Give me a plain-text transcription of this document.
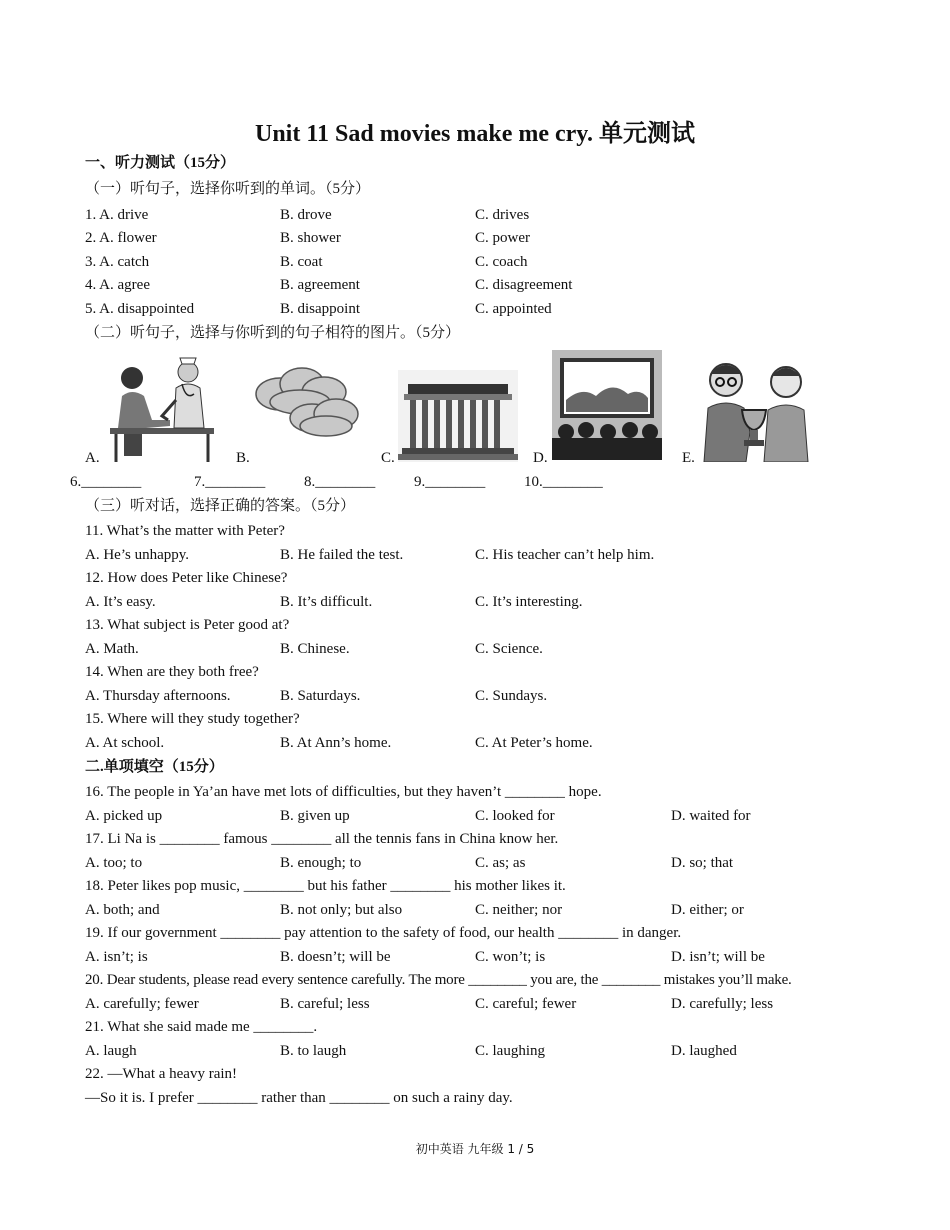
Unit 11 Sad movies make me cry. 单元测试
一、听力测试（15分）
（一）听句子，选择你听到的单词。（5分）
1. A. drive	B. drove	C. drives
2. A. flower	B. shower	C. power
3. A. catch	B. coat	C. coach
4. A. agree	B. agreement	C. disagreement
5. A. disappointed	B. disappoint	C. appointed
（二）听句子，选择与你听到的句子相符的图片。（5分）
A.	B.	C.	D.	E.
6.________	7.________	8.________	9.________	10.________
（三）听对话，选择正确的答案。（5分）
11. What’s the matter with Peter?
A. He’s unhappy.	B. He failed the test.	C. His teacher can’t help him.
12. How does Peter like Chinese?
A. It’s easy.	B. It’s difficult.	C. It’s interesting.
13. What subject is Peter good at?
A. Math.	B. Chinese.	C. Science.
14. When are they both free?
A. Thursday afternoons.	B. Saturdays.	C. Sundays.
15. Where will they study together?
A. At school.	B. At Ann’s home.	C. At Peter’s home.
二.单项填空（15分）
16. The people in Ya’an have met lots of difficulties, but they haven’t ________ hope.
A. picked up	B. given up	C. looked for	D. waited for
17. Li Na is ________ famous ________ all the tennis fans in China know her.
A. too; to	B. enough; to	C. as; as	D. so; that
18. Peter likes pop music, ________ but his father ________ his mother likes it.
A. both; and	B. not only; but also	C. neither; nor	D. either; or
19. If our government ________ pay attention to the safety of food, our health ________ in danger.
A. isn’t; is	B. doesn’t; will be	C. won’t; is	D. isn’t; will be
20. Dear students, please read every sentence carefully. The more ________ you are, the ________ mistakes you’ll make.
A. carefully; fewer	B. careful; less	C. careful; fewer	D. carefully; less
21. What she said made me ________.
A. laugh	B. to laugh	C. laughing	D. laughed
22. —What a heavy rain!
—So it is. I prefer ________ rather than ________ on such a rainy day.
初中英语 九年级 1 / 5
